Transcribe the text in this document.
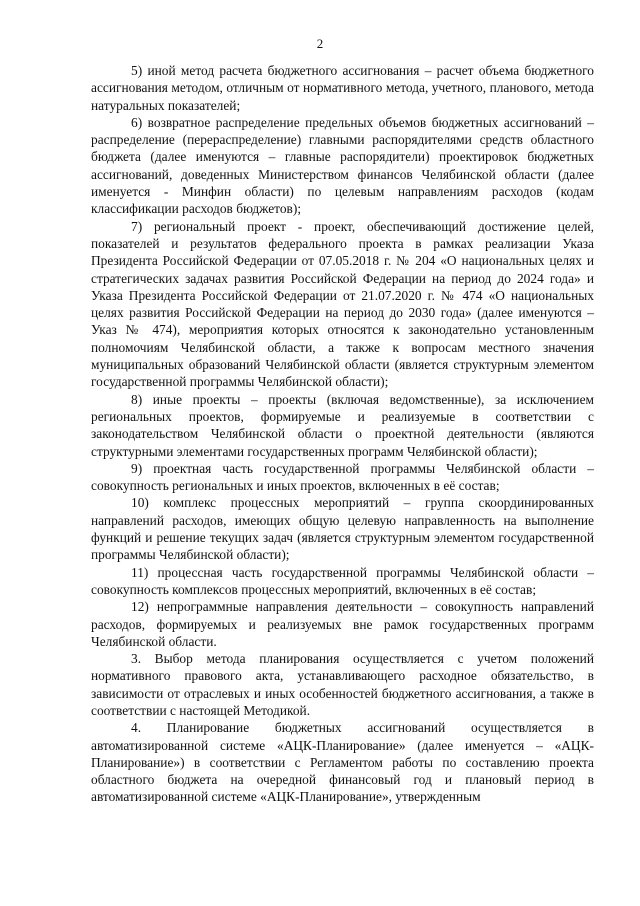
2

5) иной метод расчета бюджетного ассигнования – расчет объема бюджетного ассигнования методом, отличным от нормативного метода, учетного, планового, метода натуральных показателей;

6) возвратное распределение предельных объемов бюджетных ассигнований – распределение (перераспределение) главными распорядителями средств областного бюджета (далее именуются – главные распорядители) проектировок бюджетных ассигнований, доведенных Министерством финансов Челябинской области (далее именуется - Минфин области) по целевым направлениям расходов (кодам классификации расходов бюджетов);

7) региональный проект - проект, обеспечивающий достижение целей, показателей и результатов федерального проекта в рамках реализации Указа Президента Российской Федерации от 07.05.2018 г. № 204 «О национальных целях и стратегических задачах развития Российской Федерации на период до 2024 года» и Указа Президента Российской Федерации от 21.07.2020 г. № 474 «О национальных целях развития Российской Федерации на период до 2030 года» (далее именуются – Указ № 474), мероприятия которых относятся к законодательно установленным полномочиям Челябинской области, а также к вопросам местного значения муниципальных образований Челябинской области (является структурным элементом государственной программы Челябинской области);

8) иные проекты – проекты (включая ведомственные), за исключением региональных проектов, формируемые и реализуемые в соответствии с законодательством Челябинской области о проектной деятельности (являются структурными элементами государственных программ Челябинской области);

9) проектная часть государственной программы Челябинской области – совокупность региональных и иных проектов, включенных в её состав;

10) комплекс процессных мероприятий – группа скоординированных направлений расходов, имеющих общую целевую направленность на выполнение функций и решение текущих задач (является структурным элементом государственной программы Челябинской области);

11) процессная часть государственной программы Челябинской области – совокупность комплексов процессных мероприятий, включенных в её состав;

12) непрограммные направления деятельности – совокупность направлений расходов, формируемых и реализуемых вне рамок государственных программ Челябинской области.

3. Выбор метода планирования осуществляется с учетом положений нормативного правового акта, устанавливающего расходное обязательство, в зависимости от отраслевых и иных особенностей бюджетного ассигнования, а также в соответствии с настоящей Методикой.

4. Планирование бюджетных ассигнований осуществляется в автоматизированной системе «АЦК-Планирование» (далее именуется – «АЦК-Планирование») в соответствии с Регламентом работы по составлению проекта областного бюджета на очередной финансовый год и плановый период в автоматизированной системе «АЦК-Планирование», утвержденным
